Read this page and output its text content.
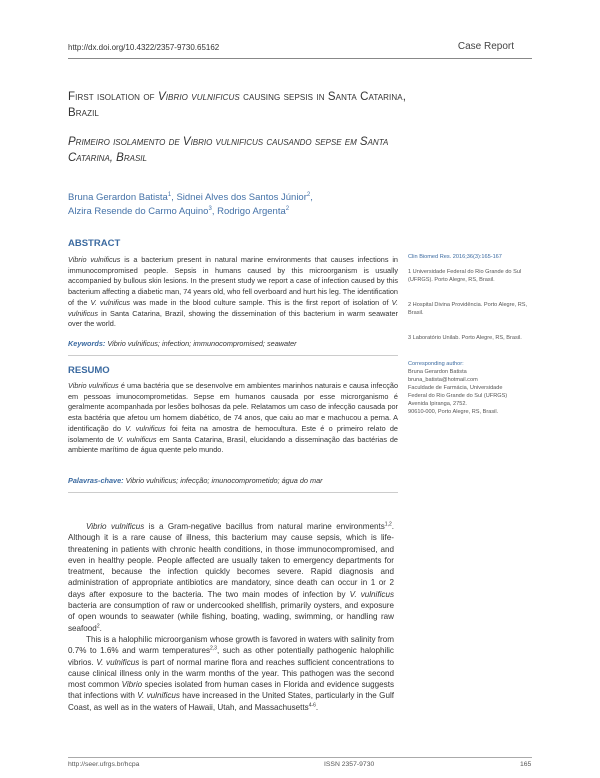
http://dx.doi.org/10.4322/2357-9730.65162	Case Report
First isolation of Vibrio vulnificus causing sepsis in Santa Catarina, Brazil
Primeiro isolamento de Vibrio vulnificus causando sepse em Santa Catarina, Brasil
Bruna Gerardon Batista$^1$, Sidnei Alves dos Santos Júnior$^2$,
Alzira Resende do Carmo Aquino$^3$, Rodrigo Argenta$^2$
ABSTRACT
Vibrio vulnificus is a bacterium present in natural marine environments that causes infections in immunocompromised people. Sepsis in humans caused by this microorganism is usually accompanied by bullous skin lesions. In the present study we report a case of infection caused by this bacterium affecting a diabetic man, 74 years old, who fell overboard and hurt his leg. The identification of the V. vulnificus was made in the blood culture sample. This is the first report of isolation of V. vulnificus in Santa Catarina, Brazil, showing the dissemination of this bacterium in warm seawater over the world.
Keywords: Vibrio vulnificus; infection; immunocompromised; seawater
RESUMO
Vibrio vulnificus é uma bactéria que se desenvolve em ambientes marinhos naturais e causa infecção em pessoas imunocomprometidas. Sepse em humanos causada por esse microrganismo é geralmente acompanhada por lesões bolhosas da pele. Relatamos um caso de infecção causada por esta bactéria que afetou um homem diabético, de 74 anos, que caiu ao mar e machucou a perna. A identificação do V. vulnificus foi feita na amostra de hemocultura. Este é o primeiro relato de isolamento de V. vulnificus em Santa Catarina, Brasil, elucidando a disseminação das bactérias de ambiente marítimo de água quente pelo mundo.
Palavras-chave: Vibrio vulnificus; infecção; imunocomprometido; água do mar
Clin Biomed Res. 2016;36(3):165-167
1 Universidade Federal do Rio Grande do Sul (UFRGS). Porto Alegre, RS, Brasil.
2 Hospital Divina Providência. Porto Alegre, RS, Brasil.
3 Laboratório Unilab. Porto Alegre, RS, Brasil.
Corresponding author:
Bruna Gerardon Batista
bruna_batista@hotmail.com
Faculdade de Farmácia, Universidade
Federal do Rio Grande do Sul (UFRGS)
Avenida Ipiranga, 2752.
90610-000, Porto Alegre, RS, Brasil.

Vibrio vulnificus is a Gram-negative bacillus from natural marine environments$^{1,2}$. Although it is a rare cause of illness, this bacterium may cause sepsis, which is life-threatening in patients with chronic health conditions, in those immunocompromised, and even in healthy people. People affected are usually taken to emergency departments for treatment, because the infection quickly becomes severe. Rapid diagnosis and administration of appropriate antibiotics are mandatory, since death can occur in 1 or 2 days after exposure to the bacteria. The two main modes of infection by V. vulnificus bacteria are consumption of raw or undercooked shellfish, primarily oysters, and exposure of open wounds to seawater (while fishing, boating, wading, swimming, or handling raw seafood$^2$.

This is a halophilic microorganism whose growth is favored in waters with salinity from 0.7% to 1.6% and warm temperatures$^{2,3}$, such as other potentially pathogenic halophilic vibrios. V. vulnificus is part of normal marine flora and reaches sufficient concentrations to cause clinical illness only in the warm months of the year. This pathogen was the second most common Vibrio species isolated from human cases in Florida and evidence suggests that infections with V. vulnificus have increased in the United States, particularly in the Gulf Coast, as well as in the waters of Hawaii, Utah, and Massachusetts$^{4-6}$.

http://seer.ufrgs.br/hcpa	ISSN 2357-9730	165
